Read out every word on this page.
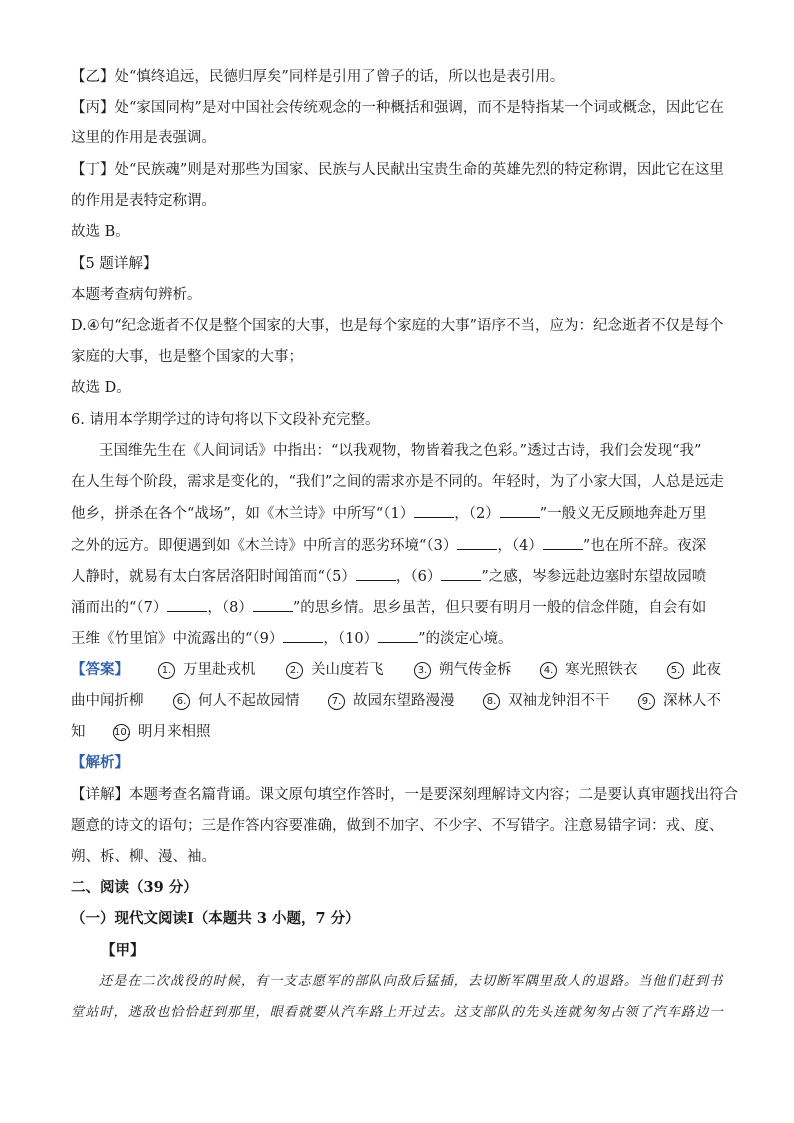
【乙】处“慎终追远，民德归厚矣”同样是引用了曾子的话，所以也是表引用。
【丙】处“家国同构”是对中国社会传统观念的一种概括和强调，而不是特指某一个词或概念，因此它在
这里的作用是表强调。
【丁】处“民族魂”则是对那些为国家、民族与人民献出宝贵生命的英雄先烈的特定称谓，因此它在这里
的作用是表特定称谓。
故选 B。
【5 题详解】
本题考查病句辨析。
D.④句“纪念逝者不仅是整个国家的大事，也是每个家庭的大事”语序不当，应为：纪念逝者不仅是每个
家庭的大事，也是整个国家的大事；
故选 D。
6. 请用本学期学过的诗句将以下文段补充完整。
王国维先生在《人间词话》中指出：“以我观物，物皆着我之色彩。”透过古诗，我们会发现“我”
在人生每个阶段，需求是变化的，“我们”之间的需求亦是不同的。年轻时，为了小家大国，人总是远走
他乡，拼杀在各个“战场”，如《木兰诗》中所写“（1）	，（2）	”一般义无反顾地奔赴万里
之外的远方。即便遇到如《木兰诗》中所言的恶劣环境“（3）	，（4）	”也在所不辞。夜深
人静时，就易有太白客居洛阳时闻笛而“（5）	，（6）	”之感，岑参远赴边塞时东望故园喷
涌而出的“（7）	，（8）	”的思乡情。思乡虽苦，但只要有明月一般的信念伴随，自会有如
王维《竹里馆》中流露出的“（9）	，（10）	”的淡定心境。
【答案】	1. 万里赴戎机	2. 关山度若飞	3. 朔气传金柝	4. 寒光照铁衣	5. 此夜
曲中闻折柳	6. 何人不起故园情	7. 故园东望路漫漫	8. 双袖龙钟泪不干	9. 深林人不
知	10. 明月来相照
【解析】
【详解】本题考查名篇背诵。课文原句填空作答时，一是要深刻理解诗文内容；二是要认真审题找出符合
题意的诗文的语句；三是作答内容要准确，做到不加字、不少字、不写错字。注意易错字词：戎、度、
朔、柝、柳、漫、袖。
二、阅读（39 分）
（一）现代文阅读Ⅰ（本题共 3 小题，7 分）
【甲】
还是在二次战役的时候，有一支志愿军的部队向敌后猛插，去切断军隅里敌人的退路。当他们赶到书
堂站时，逃敌也恰恰赶到那里，眼看就要从汽车路上开过去。这支部队的先头连就匆匆占领了汽车路边一
